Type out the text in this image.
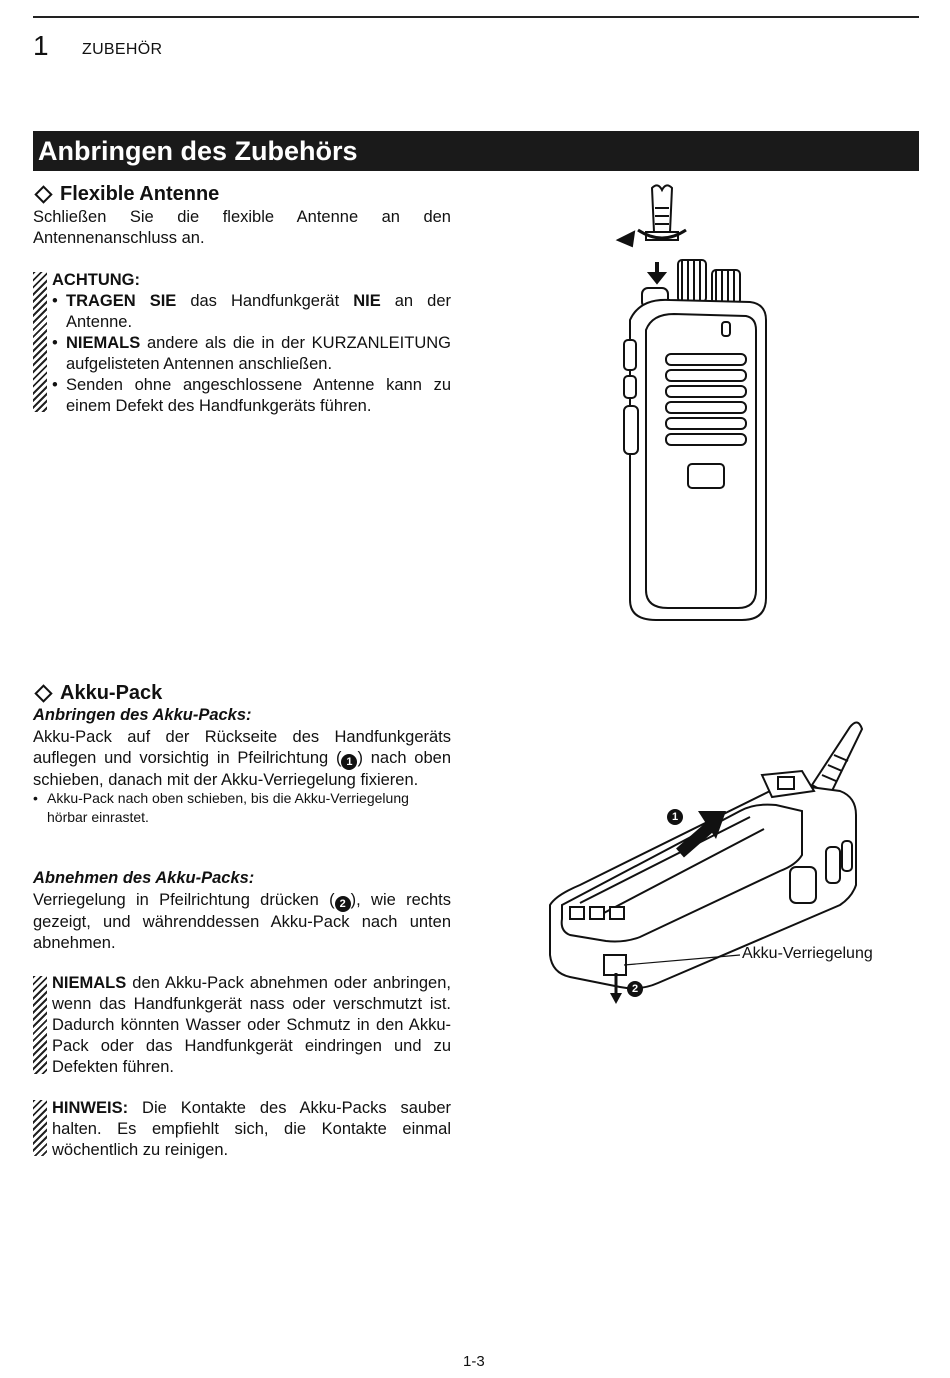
1 ZUBEHÖR
Anbringen des Zubehörs
Flexible Antenne
Schließen Sie die flexible Antenne an den Antennenanschluss an.
ACHTUNG:
• TRAGEN SIE das Handfunkgerät NIE an der Antenne.
• NIEMALS andere als die in der KURZANLEITUNG aufgelisteten Antennen anschließen.
• Senden ohne angeschlossene Antenne kann zu einem Defekt des Handfunkgeräts führen.
Akku-Pack
Anbringen des Akku-Packs:
Akku-Pack auf der Rückseite des Handfunkgeräts auflegen und vorsichtig in Pfeilrichtung ( 1 ) nach oben schieben, danach mit der Akku-Verriegelung fixieren.
• Akku-Pack nach oben schieben, bis die Akku-Verriegelung hörbar einrastet.
Abnehmen des Akku-Packs:
Verriegelung in Pfeilrichtung drücken ( 2 ), wie rechts gezeigt, und währenddessen Akku-Pack nach unten abnehmen.
NIEMALS den Akku-Pack abnehmen oder anbringen, wenn das Handfunkgerät nass oder verschmutzt ist. Dadurch könnten Wasser oder Schmutz in den Akku-Pack oder das Handfunkgerät eindringen und zu Defekten führen.
HINWEIS: Die Kontakte des Akku-Packs sauber halten. Es empfiehlt sich, die Kontakte einmal wöchentlich zu reinigen.
1
2
Akku-Verriegelung
1-3
